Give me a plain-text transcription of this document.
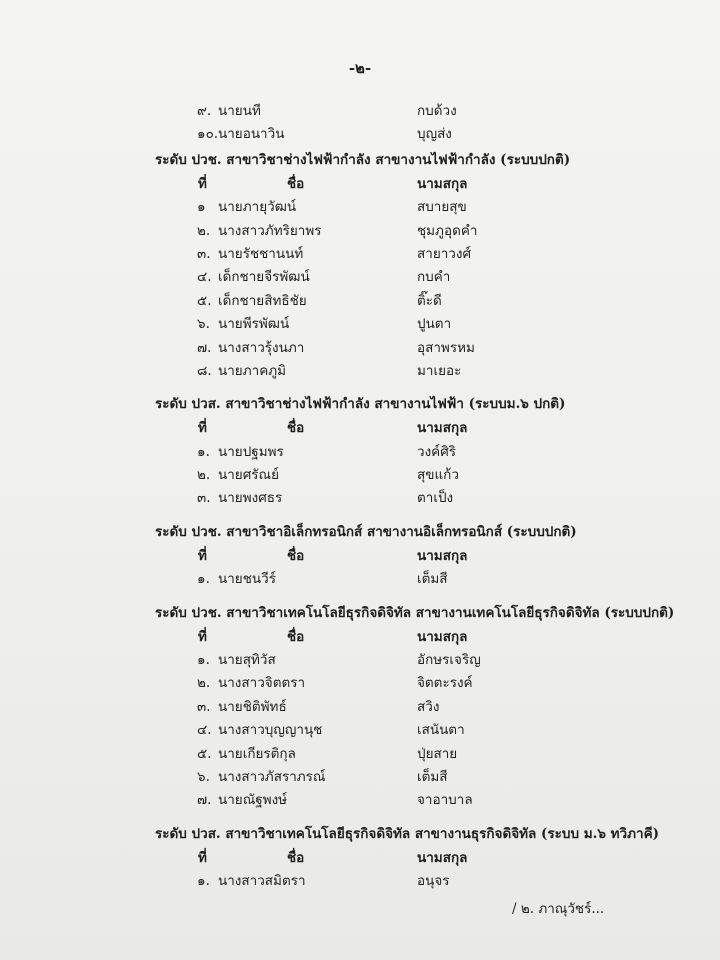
-๒-
๙. นายนที	กบด้วง
๑๐. นายอนาวิน	บุญส่ง
ระดับ ปวช. สาขาวิชาช่างไฟฟ้ากำลัง สาขางานไฟฟ้ากำลัง (ระบบปกติ)
ที่	ชื่อ	นามสกุล
๑ นายภายุวัฒน์	สบายสุข
๒. นางสาวภัทริยาพร	ชุมภูอุดคำ
๓. นายรัชชานนท์	สายาวงศ์
๔. เด็กชายจีรพัฒน์	กบคำ
๕. เด็กชายสิทธิชัย	ติ๊ะดี
๖. นายพีรพัฒน์	ปูนตา
๗. นางสาวรุ้งนภา	อุสาพรหม
๘. นายภาคภูมิ	มาเยอะ
ระดับ ปวส. สาขาวิชาช่างไฟฟ้ากำลัง สาขางานไฟฟ้า (ระบบม.๖ ปกติ)
ที่	ชื่อ	นามสกุล
๑. นายปฐมพร	วงค์ศิริ
๒. นายศรัณย์	สุขแก้ว
๓. นายพงศธร	ตาเป็ง
ระดับ ปวช. สาขาวิชาอิเล็กทรอนิกส์ สาขางานอิเล็กทรอนิกส์ (ระบบปกติ)
ที่	ชื่อ	นามสกุล
๑. นายชนวีร์	เต็มสี
ระดับ ปวช. สาขาวิชาเทคโนโลยีธุรกิจดิจิทัล สาขางานเทคโนโลยีธุรกิจดิจิทัล (ระบบปกติ)
ที่	ชื่อ	นามสกุล
๑. นายสุทิวัส	อักษรเจริญ
๒. นางสาวจิตตรา	จิตตะรงค์
๓. นายชิติพัทธ์	สวิง
๔. นางสาวบุญญานุช	เสนันตา
๕. นายเกียรติกุล	ปุ่ยสาย
๖. นางสาวภัสราภรณ์	เต็มสี
๗. นายณัฐพงษ์	จาอาบาล
ระดับ ปวส. สาขาวิชาเทคโนโลยีธุรกิจดิจิทัล สาขางานธุรกิจดิจิทัล (ระบบ ม.๖ ทวิภาคี)
ที่	ชื่อ	นามสกุล
๑. นางสาวสมิตรา	อนุจร
/ ๒. ภาณุวัชร์...
